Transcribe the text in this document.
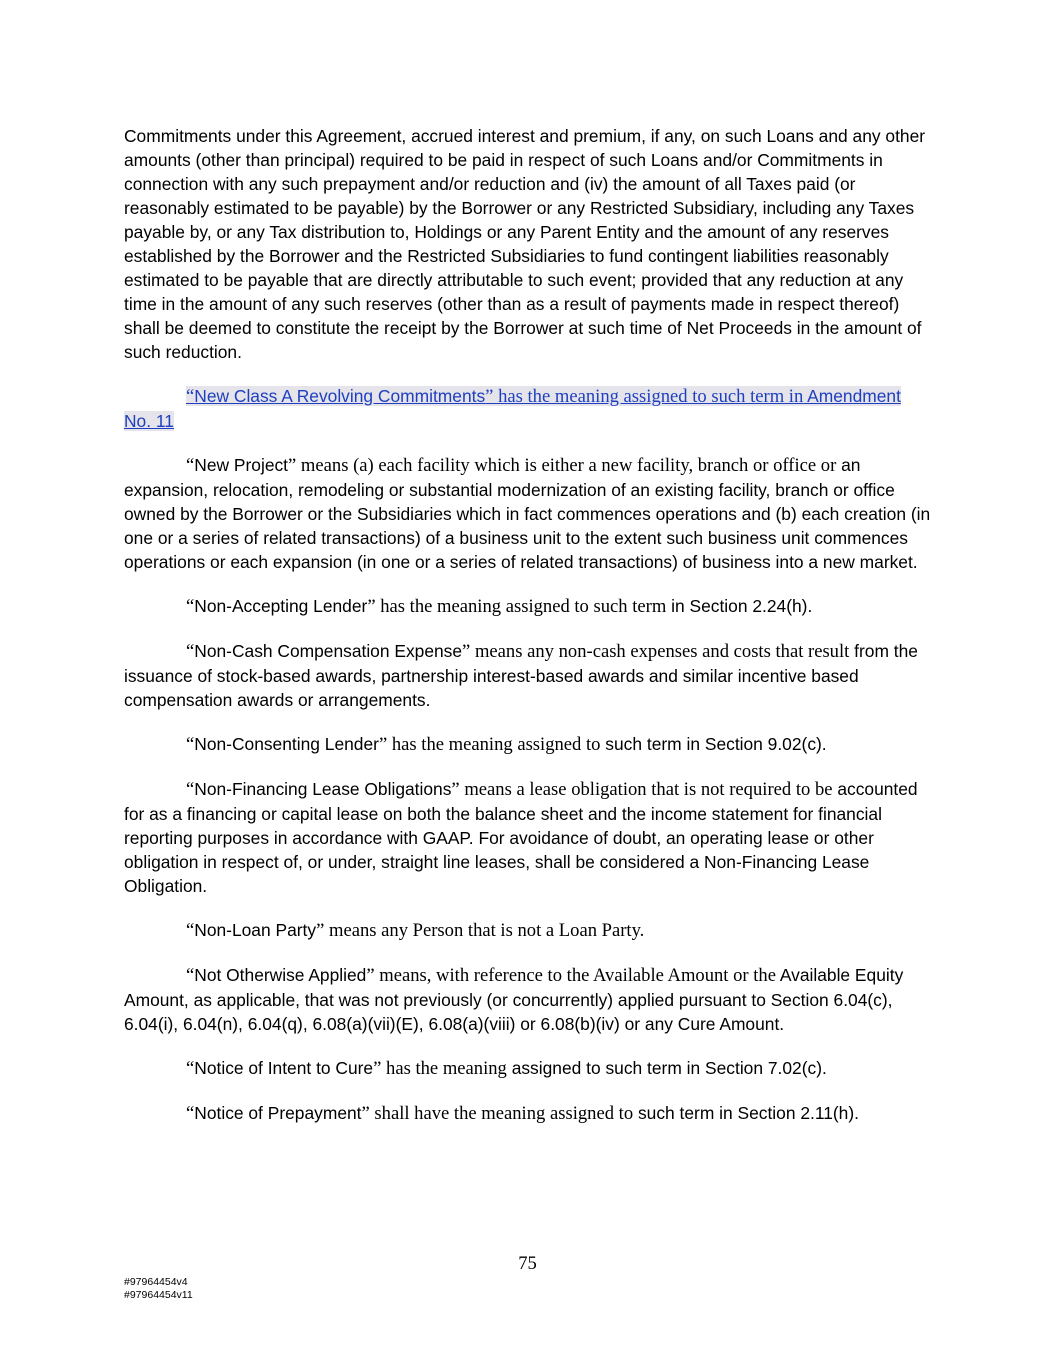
Commitments under this Agreement, accrued interest and premium, if any, on such Loans and any other amounts (other than principal) required to be paid in respect of such Loans and/or Commitments in connection with any such prepayment and/or reduction and (iv) the amount of all Taxes paid (or reasonably estimated to be payable) by the Borrower or any Restricted Subsidiary, including any Taxes payable by, or any Tax distribution to, Holdings or any Parent Entity and the amount of any reserves established by the Borrower and the Restricted Subsidiaries to fund contingent liabilities reasonably estimated to be payable that are directly attributable to such event; provided that any reduction at any time in the amount of any such reserves (other than as a result of payments made in respect thereof) shall be deemed to constitute the receipt by the Borrower at such time of Net Proceeds in the amount of such reduction.

“New Class A Revolving Commitments” has the meaning assigned to such term in Amendment No. 11

“New Project” means (a) each facility which is either a new facility, branch or office or an expansion, relocation, remodeling or substantial modernization of an existing facility, branch or office owned by the Borrower or the Subsidiaries which in fact commences operations and (b) each creation (in one or a series of related transactions) of a business unit to the extent such business unit commences operations or each expansion (in one or a series of related transactions) of business into a new market.

“Non-Accepting Lender” has the meaning assigned to such term in Section 2.24(h).

“Non-Cash Compensation Expense” means any non-cash expenses and costs that result from the issuance of stock-based awards, partnership interest-based awards and similar incentive based compensation awards or arrangements.

“Non-Consenting Lender” has the meaning assigned to such term in Section 9.02(c).

“Non-Financing Lease Obligations” means a lease obligation that is not required to be accounted for as a financing or capital lease on both the balance sheet and the income statement for financial reporting purposes in accordance with GAAP. For avoidance of doubt, an operating lease or other obligation in respect of, or under, straight line leases, shall be considered a Non-Financing Lease Obligation.

“Non-Loan Party” means any Person that is not a Loan Party.

“Not Otherwise Applied” means, with reference to the Available Amount or the Available Equity Amount, as applicable, that was not previously (or concurrently) applied pursuant to Section 6.04(c), 6.04(i), 6.04(n), 6.04(q), 6.08(a)(vii)(E), 6.08(a)(viii) or 6.08(b)(iv) or any Cure Amount.

“Notice of Intent to Cure” has the meaning assigned to such term in Section 7.02(c).

“Notice of Prepayment” shall have the meaning assigned to such term in Section 2.11(h).

75
#97964454v4
#97964454v11
